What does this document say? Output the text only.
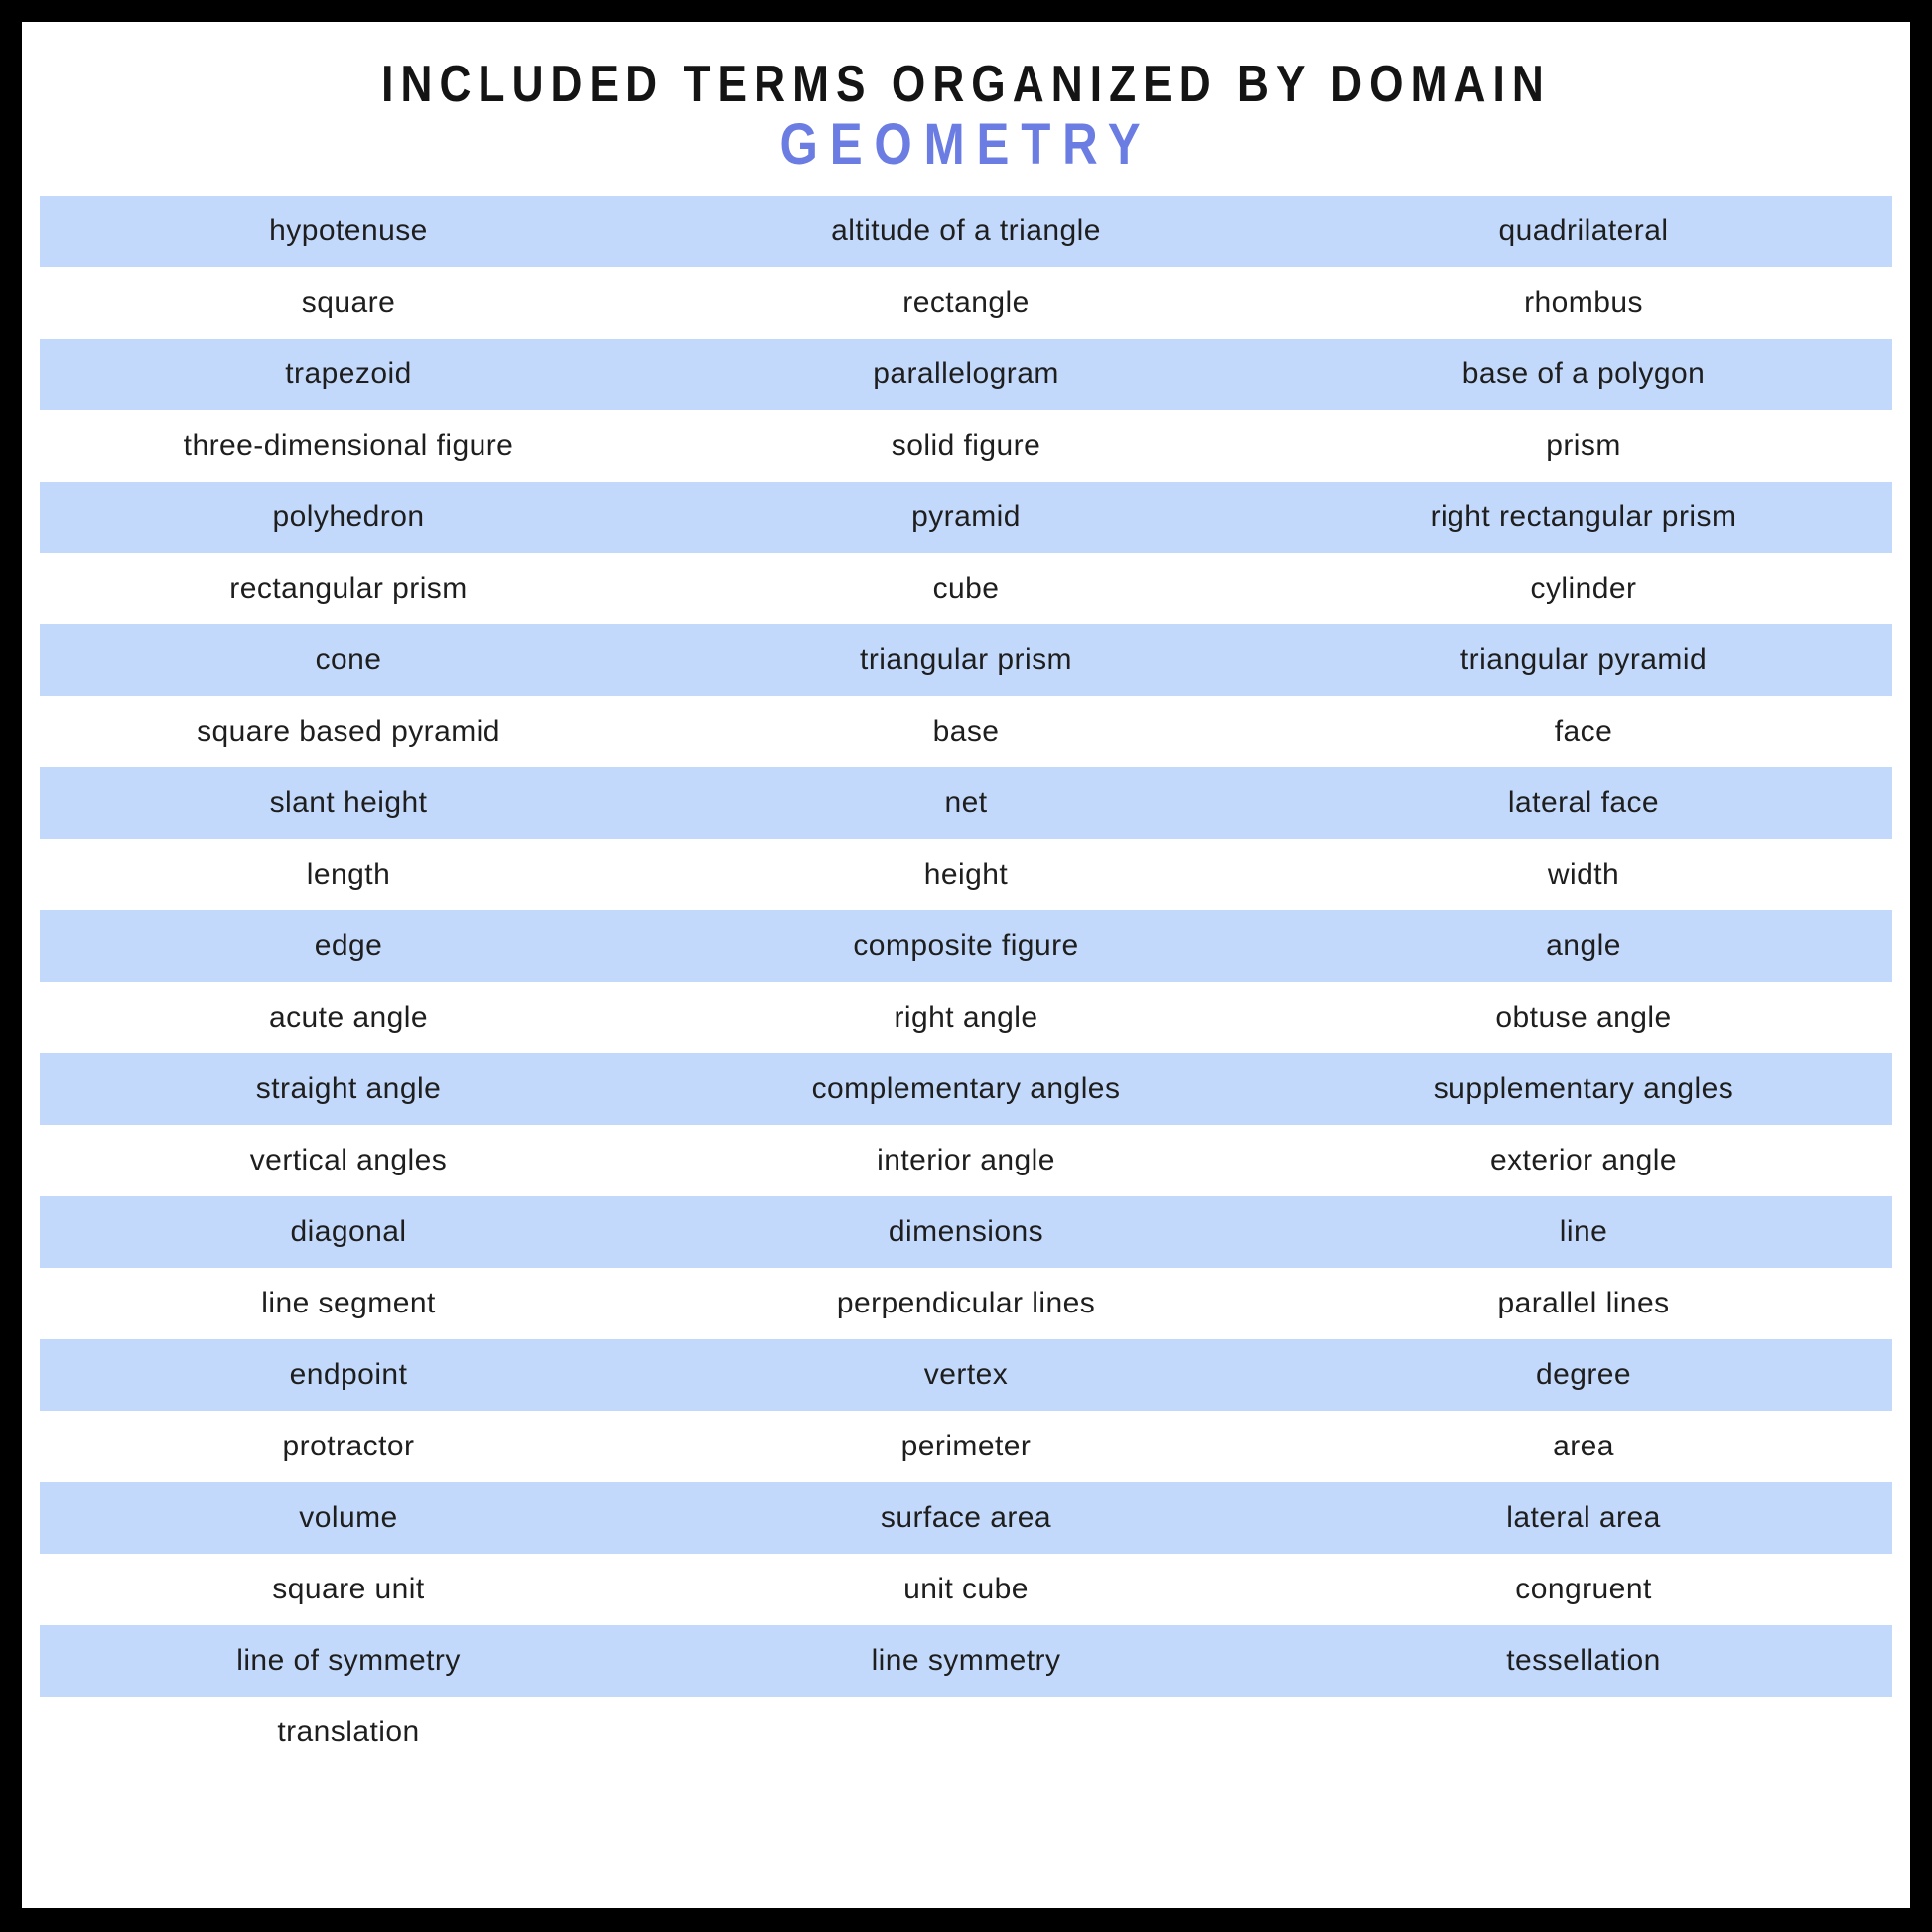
INCLUDED TERMS ORGANIZED BY DOMAIN
GEOMETRY
hypotenuse	altitude of a triangle	quadrilateral
square	rectangle	rhombus
trapezoid	parallelogram	base of a polygon
three-dimensional figure	solid figure	prism
polyhedron	pyramid	right rectangular prism
rectangular prism	cube	cylinder
cone	triangular prism	triangular pyramid
square based pyramid	base	face
slant height	net	lateral face
length	height	width
edge	composite figure	angle
acute angle	right angle	obtuse angle
straight angle	complementary angles	supplementary angles
vertical angles	interior angle	exterior angle
diagonal	dimensions	line
line segment	perpendicular lines	parallel lines
endpoint	vertex	degree
protractor	perimeter	area
volume	surface area	lateral area
square unit	unit cube	congruent
line of symmetry	line symmetry	tessellation
translation
